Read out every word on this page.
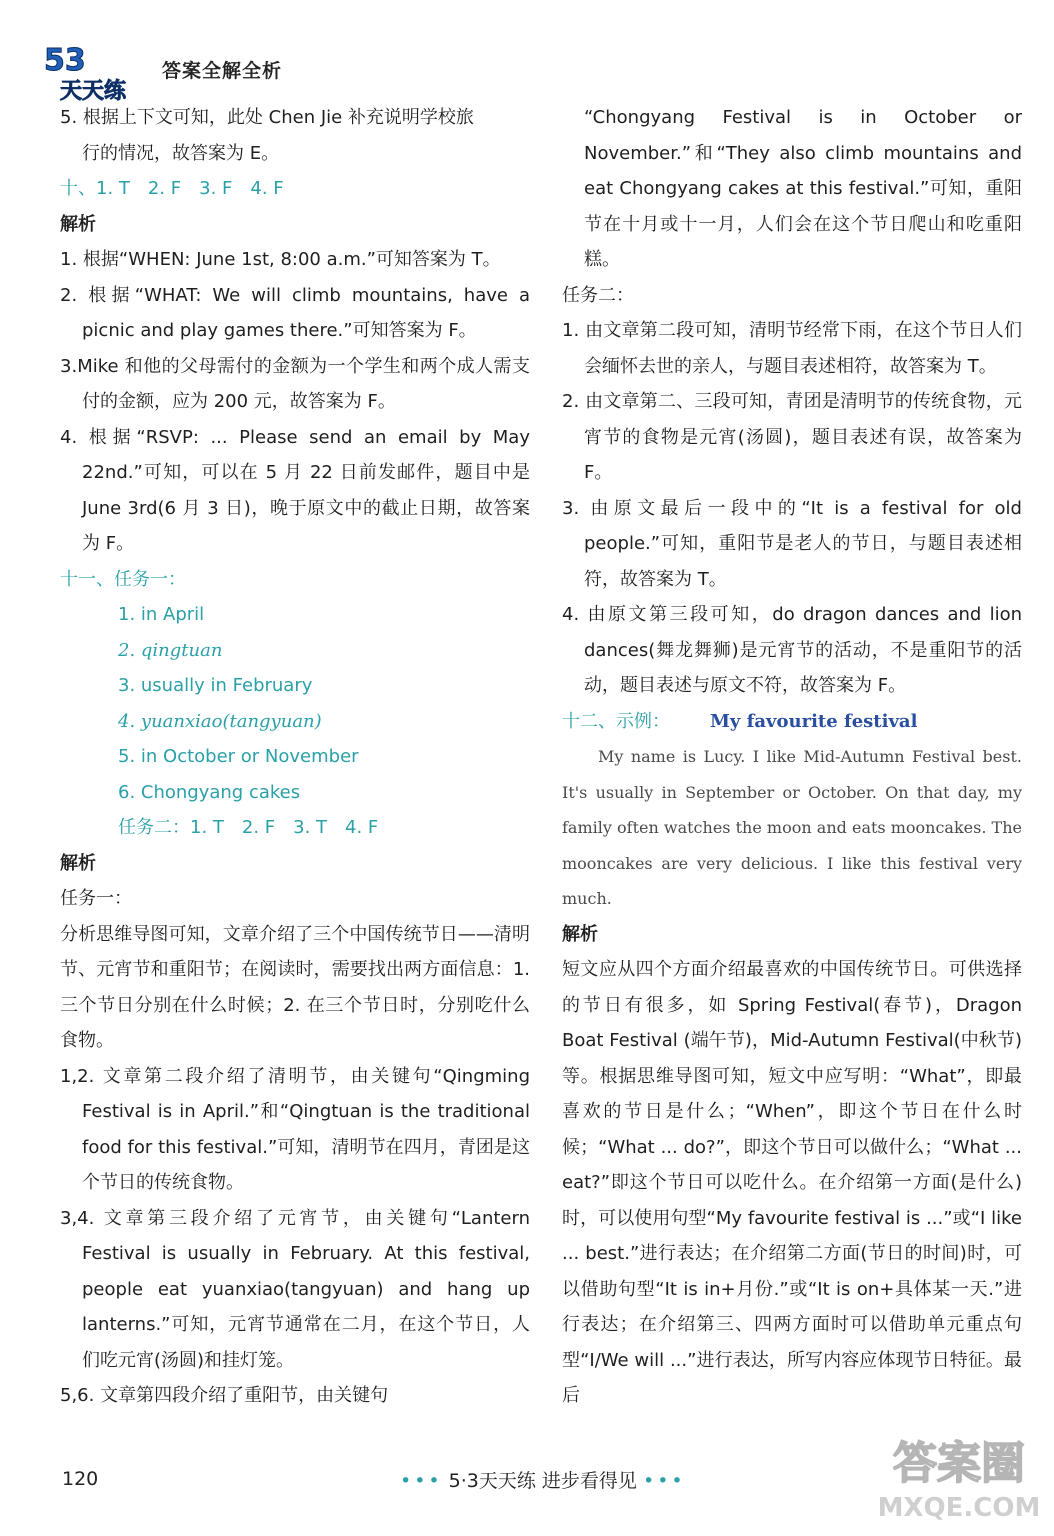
53
天天练
答案全解全析

5. 根据上下文可知，此处 Chen Jie 补充说明学校旅
行的情况，故答案为 E。

十、1. T　2. F　3. F　4. F

解析

1. 根据“WHEN: June 1st, 8:00 a.m.”可知答案为 T。

2. 根据“WHAT: We will climb mountains, have a picnic and play games there.”可知答案为 F。

3.Mike 和他的父母需付的金额为一个学生和两个成人需支付的金额，应为 200 元，故答案为 F。

4. 根据“RSVP: ... Please send an email by May 22nd.”可知，可以在 5 月 22 日前发邮件，题目中是 June 3rd(6 月 3 日)，晚于原文中的截止日期，故答案为 F。

十一、任务一：

1. in April

2. qingtuan

3. usually in February

4. yuanxiao(tangyuan)

5. in October or November

6. Chongyang cakes

任务二：1. T　2. F　3. T　4. F

解析

任务一：

分析思维导图可知，文章介绍了三个中国传统节日——清明节、元宵节和重阳节；在阅读时，需要找出两方面信息：1. 三个节日分别在什么时候；2. 在三个节日时，分别吃什么食物。

1,2. 文章第二段介绍了清明节，由关键句“Qingming Festival is in April.”和“Qingtuan is the traditional food for this festival.”可知，清明节在四月，青团是这个节日的传统食物。

3,4. 文章第三段介绍了元宵节，由关键句“Lantern Festival is usually in February. At this festival, people eat yuanxiao(tangyuan) and hang up lanterns.”可知，元宵节通常在二月，在这个节日，人们吃元宵(汤圆)和挂灯笼。

5,6. 文章第四段介绍了重阳节，由关键句

“Chongyang Festival is in October or November.”和“They also climb mountains and eat Chongyang cakes at this festival.”可知，重阳节在十月或十一月，人们会在这个节日爬山和吃重阳糕。

任务二：

1. 由文章第二段可知，清明节经常下雨，在这个节日人们会缅怀去世的亲人，与题目表述相符，故答案为 T。

2. 由文章第二、三段可知，青团是清明节的传统食物，元宵节的食物是元宵(汤圆)，题目表述有误，故答案为 F。

3. 由原文最后一段中的“It is a festival for old people.”可知，重阳节是老人的节日，与题目表述相符，故答案为 T。

4. 由原文第三段可知，do dragon dances and lion dances(舞龙舞狮)是元宵节的活动，不是重阳节的活动，题目表述与原文不符，故答案为 F。

十二、示例： My favourite festival

My name is Lucy. I like Mid-Autumn Festival best. It's usually in September or October. On that day, my family often watches the moon and eats mooncakes. The mooncakes are very delicious. I like this festival very much.

解析

短文应从四个方面介绍最喜欢的中国传统节日。可供选择的节日有很多，如 Spring Festival(春节)，Dragon Boat Festival (端午节)，Mid-Autumn Festival(中秋节)等。根据思维导图可知，短文中应写明：“What”，即最喜欢的节日是什么；“When”，即这个节日在什么时候；“What ... do?”，即这个节日可以做什么；“What ... eat?”即这个节日可以吃什么。在介绍第一方面(是什么)时，可以使用句型“My favourite festival is ...”或“I like ... best.”进行表达；在介绍第二方面(节日的时间)时，可以借助句型“It is in+月份.”或“It is on+具体某一天.”进行表达；在介绍第三、四两方面时可以借助单元重点句型“I/We will ...”进行表达，所写内容应体现节日特征。最后

120	••• 5·3天天练 进步看得见 •••	答案圈
MXQE.COM
